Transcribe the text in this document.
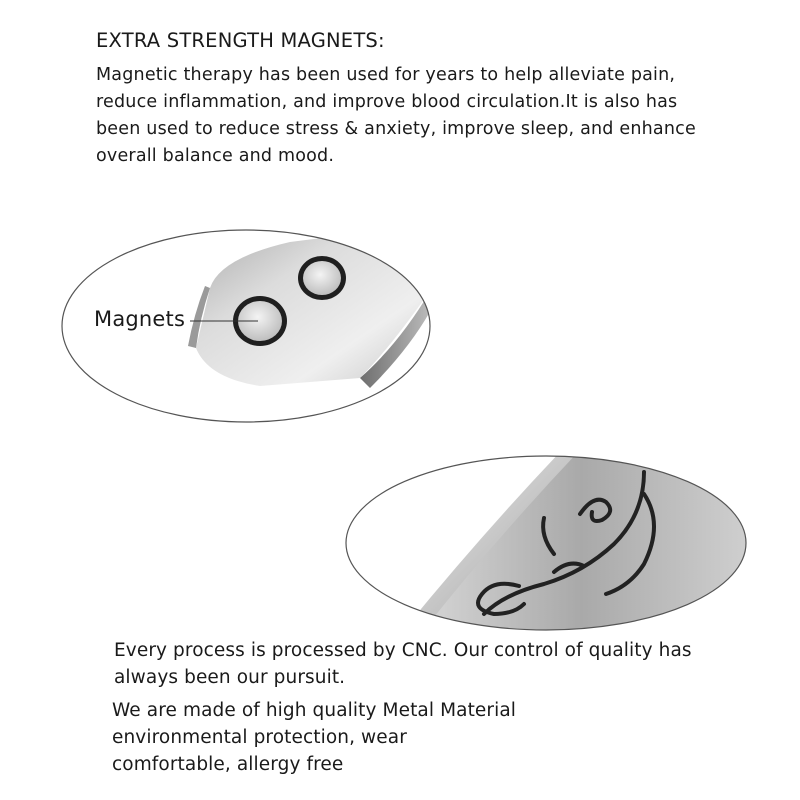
EXTRA STRENGTH MAGNETS:

Magnetic therapy has been used for years to help alleviate pain,
reduce inflammation, and improve blood circulation.It is also has
been used to reduce stress & anxiety, improve sleep, and enhance
overall balance and mood.

Magnets

Every process is processed by CNC. Our control of quality has
always been our pursuit.

We are made of high quality Metal Material
environmental protection, wear
comfortable, allergy free
